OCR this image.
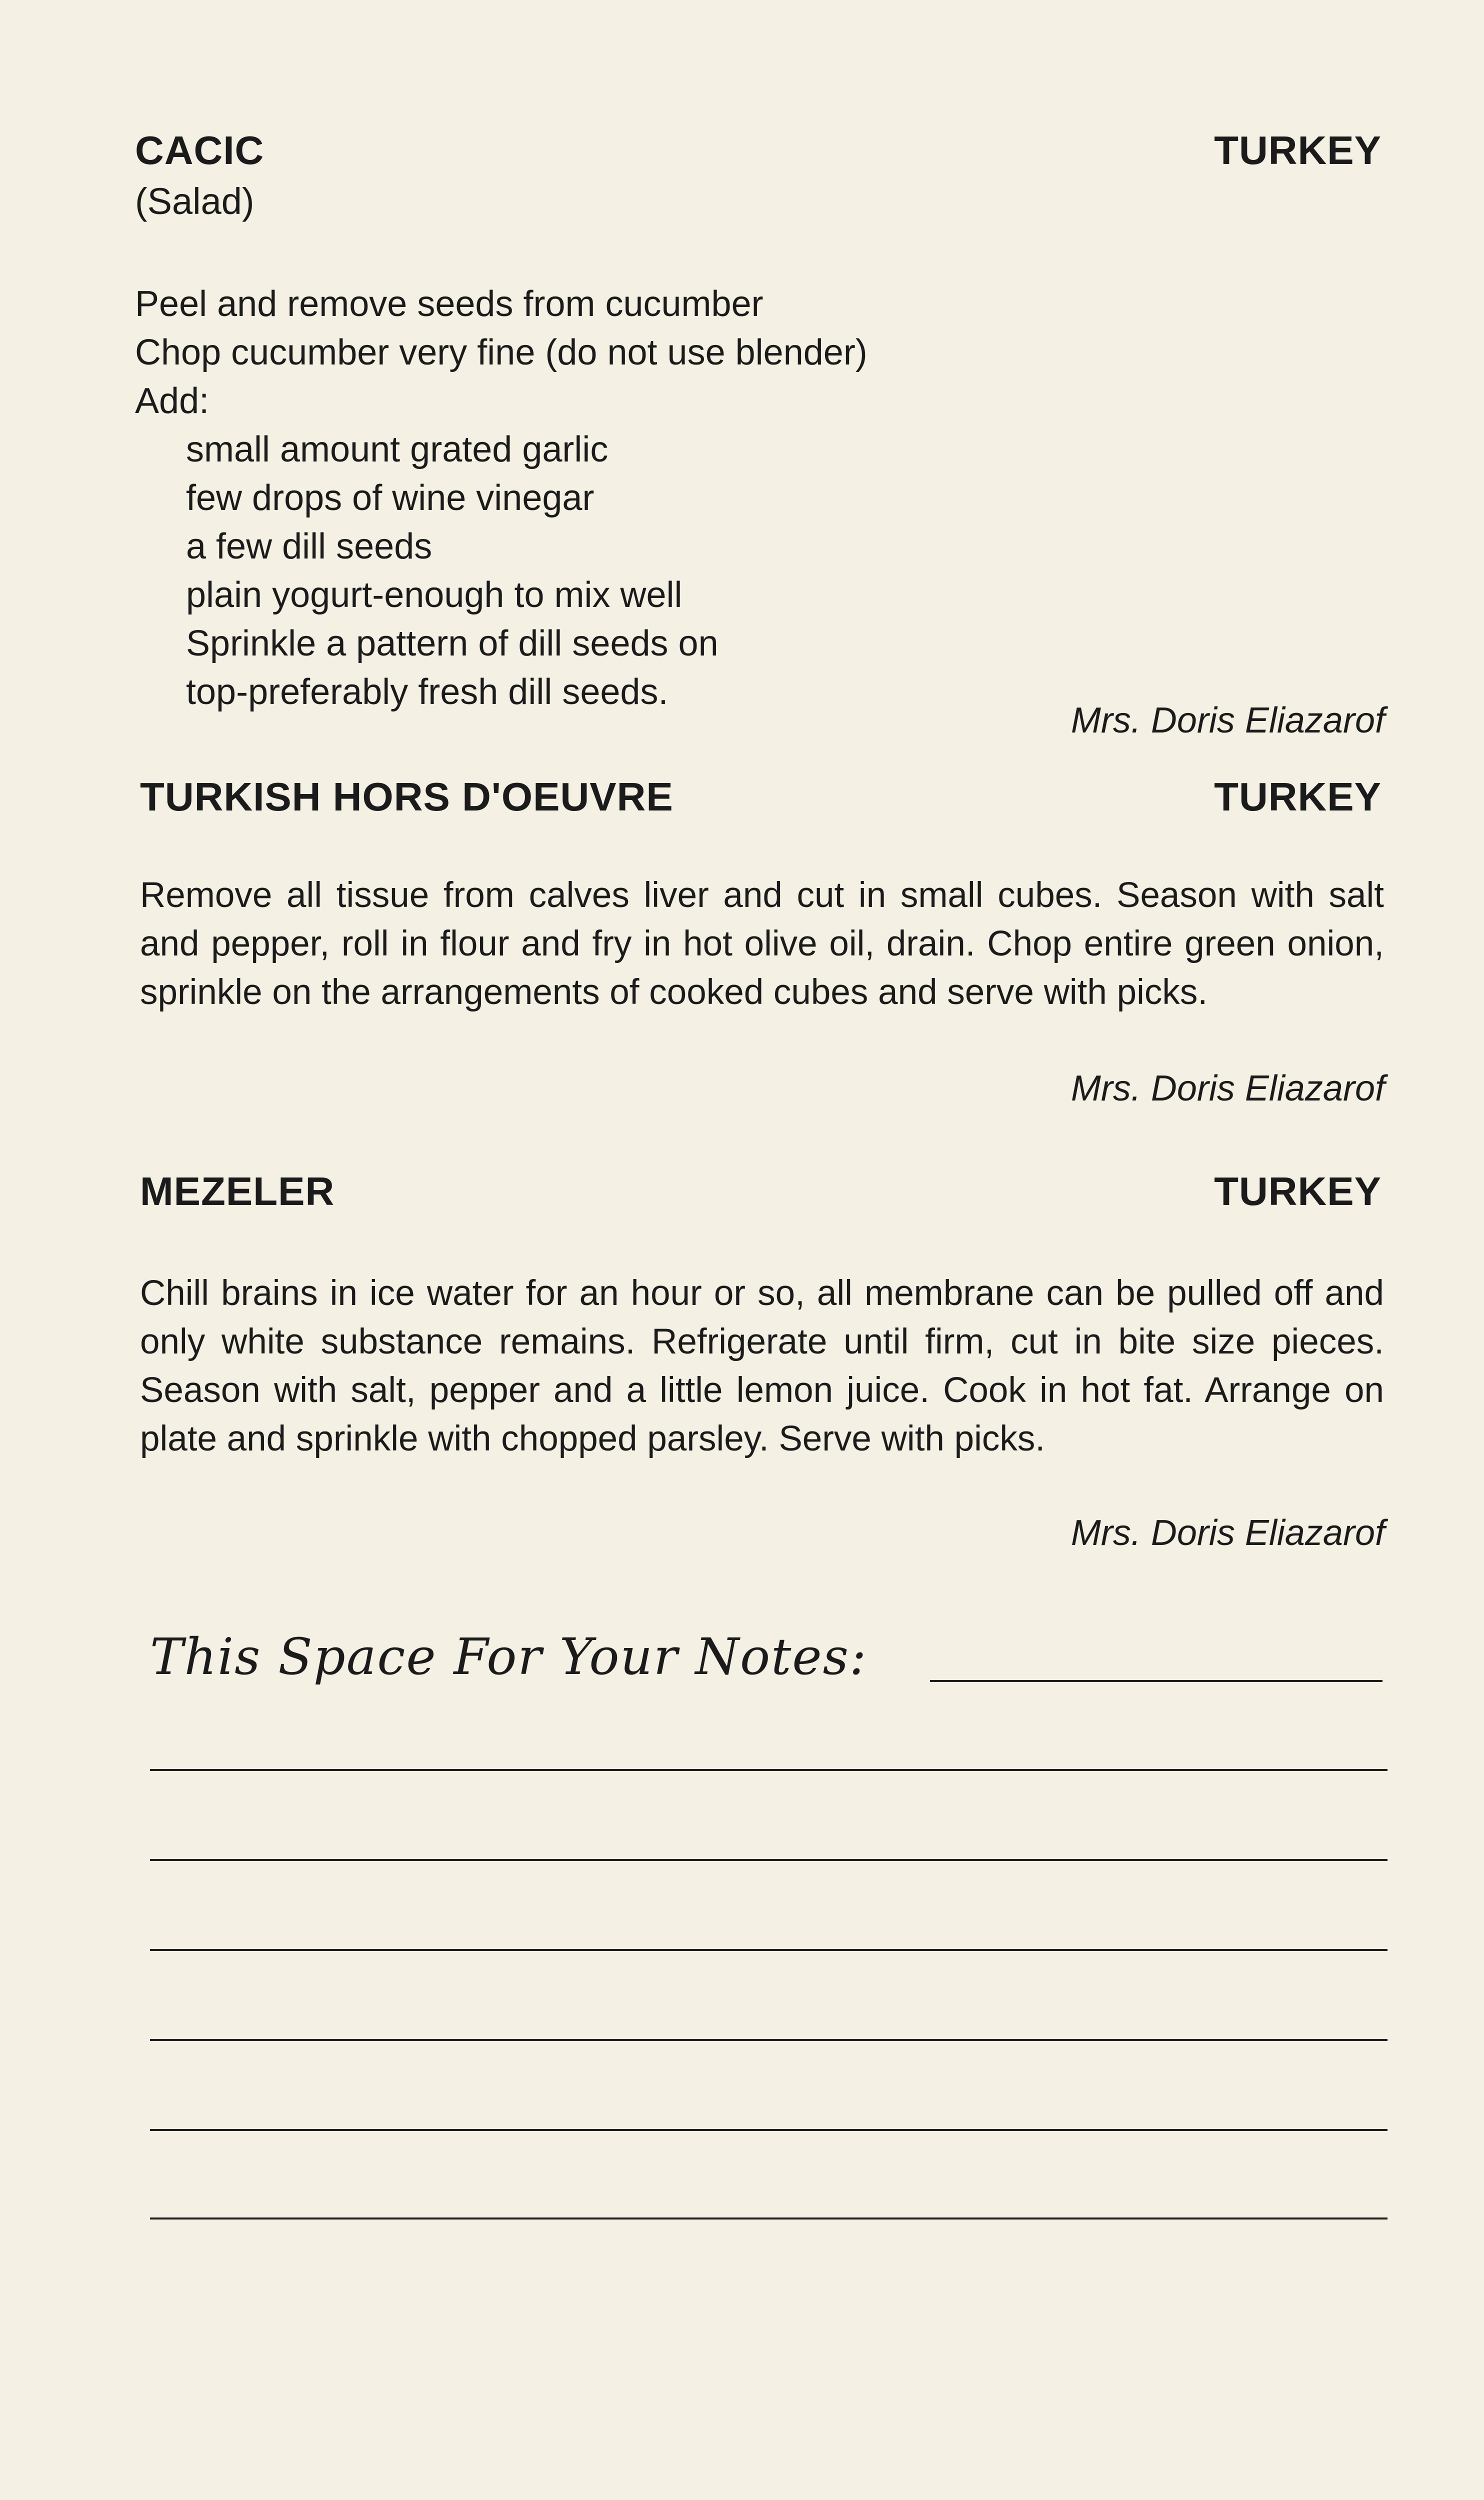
CACIC
(Salad)
TURKEY
Peel and remove seeds from cucumber
Chop cucumber very fine (do not use blender)
Add:
small amount grated garlic
few drops of wine vinegar
a few dill seeds
plain yogurt-enough to mix well
Sprinkle a pattern of dill seeds on
top-preferably fresh dill seeds.
Mrs. Doris Eliazarof
TURKISH HORS D'OEUVRE	TURKEY
Remove all tissue from calves liver and cut in small cubes. Season with salt and pepper, roll in flour and fry in hot olive oil, drain. Chop entire green onion, sprinkle on the arrangements of cooked cubes and serve with picks.
Mrs. Doris Eliazarof
MEZELER	TURKEY
Chill brains in ice water for an hour or so, all membrane can be pulled off and only white substance remains. Refrigerate until firm, cut in bite size pieces. Season with salt, pepper and a little lemon juice. Cook in hot fat. Arrange on plate and sprinkle with chopped parsley. Serve with picks.
Mrs. Doris Eliazarof
This Space For Your Notes:
